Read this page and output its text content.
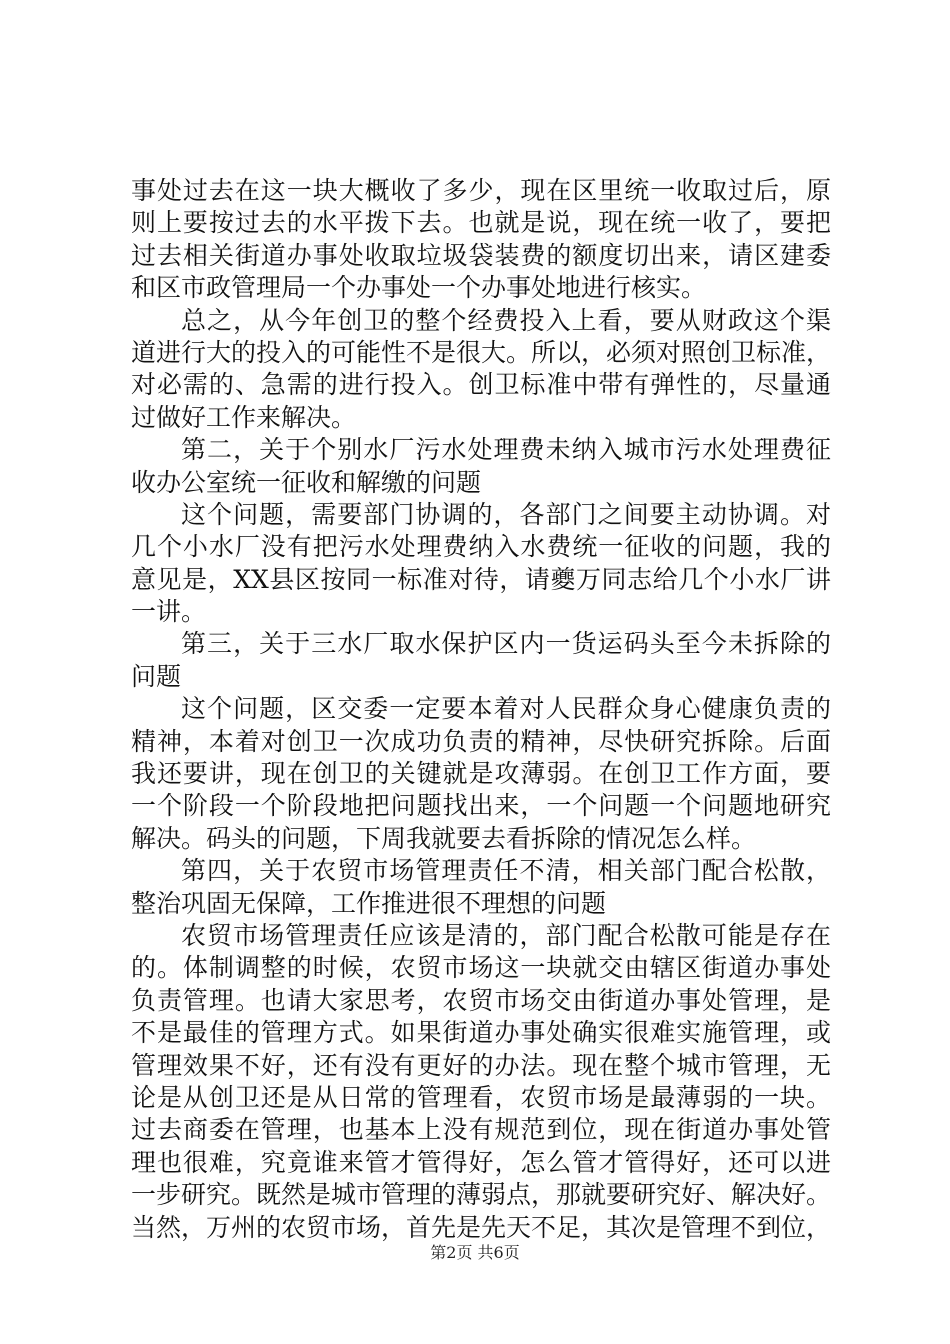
事处过去在这一块大概收了多少，现在区里统一收取过后，原
则上要按过去的水平拨下去。也就是说，现在统一收了，要把
过去相关街道办事处收取垃圾袋装费的额度切出来，请区建委
和区市政管理局一个办事处一个办事处地进行核实。
总之，从今年创卫的整个经费投入上看，要从财政这个渠
道进行大的投入的可能性不是很大。所以，必须对照创卫标准，
对必需的、急需的进行投入。创卫标准中带有弹性的，尽量通
过做好工作来解决。
第二，关于个别水厂污水处理费未纳入城市污水处理费征
收办公室统一征收和解缴的问题
这个问题，需要部门协调的，各部门之间要主动协调。对
几个小水厂没有把污水处理费纳入水费统一征收的问题，我的
意见是，XX县区按同一标准对待，请夔万同志给几个小水厂讲
一讲。
第三，关于三水厂取水保护区内一货运码头至今未拆除的
问题
这个问题，区交委一定要本着对人民群众身心健康负责的
精神，本着对创卫一次成功负责的精神，尽快研究拆除。后面
我还要讲，现在创卫的关键就是攻薄弱。在创卫工作方面，要
一个阶段一个阶段地把问题找出来，一个问题一个问题地研究
解决。码头的问题，下周我就要去看拆除的情况怎么样。
第四，关于农贸市场管理责任不清，相关部门配合松散，
整治巩固无保障，工作推进很不理想的问题
农贸市场管理责任应该是清的，部门配合松散可能是存在
的。体制调整的时候，农贸市场这一块就交由辖区街道办事处
负责管理。也请大家思考，农贸市场交由街道办事处管理，是
不是最佳的管理方式。如果街道办事处确实很难实施管理，或
管理效果不好，还有没有更好的办法。现在整个城市管理，无
论是从创卫还是从日常的管理看，农贸市场是最薄弱的一块。
过去商委在管理，也基本上没有规范到位，现在街道办事处管
理也很难，究竟谁来管才管得好，怎么管才管得好，还可以进
一步研究。既然是城市管理的薄弱点，那就要研究好、解决好。
当然，万州的农贸市场，首先是先天不足，其次是管理不到位，
第2页 共6页
